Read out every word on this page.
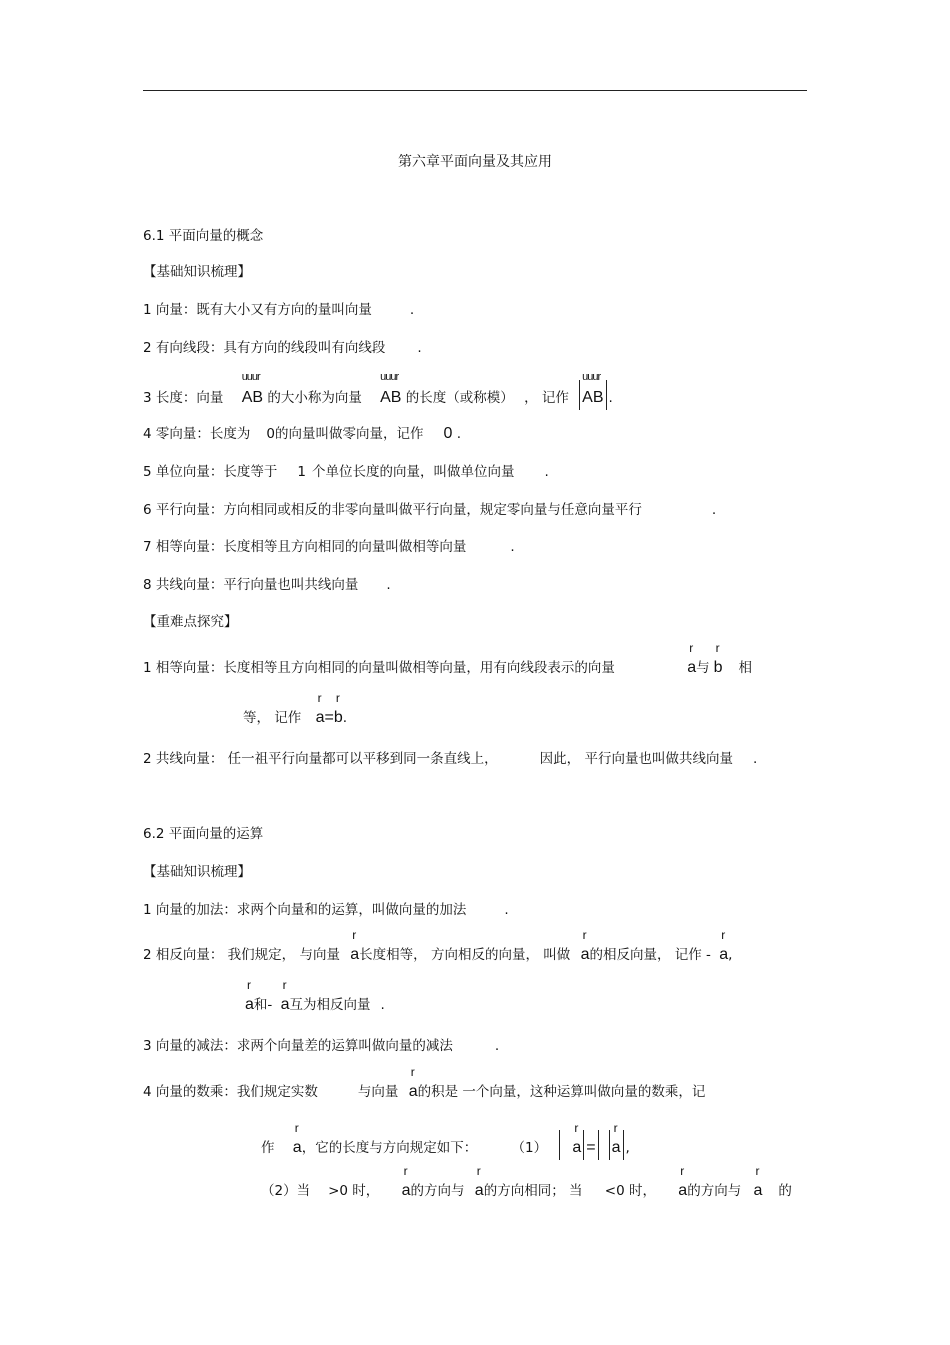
第六章平面向量及其应用
6.1 平面向量的概念
【基础知识梳理】
1 向量：既有大小又有方向的量叫向量	.
2 有向线段：具有方向的线段叫有向线段 .
3 长度：向量
uuur
AB 的大小称为向量
uuur
AB 的长度（或称模） ， 记作
uuur
AB .
4 零向量：长度为 0的向量叫做零向量，记作 0 .
5 单位向量：长度等于 1 个单位长度的向量，叫做单位向量 .
6 平行向量：方向相同或相反的非零向量叫做平行向量，规定零向量与任意向量平行	.
7 相等向量：长度相等且方向相同的向量叫做相等向量	.
8 共线向量：平行向量也叫共线向量 .
【重难点探究】
1 相等向量：长度相等且方向相同的向量叫做相等向量，用有向线段表示的向量
r
a与
r
b 相
等， 记作
r
a=
r
b.
2 共线向量： 任一祖平行向量都可以平移到同一条直线上，	因此， 平行向量也叫做共线向量 .
6.2 平面向量的运算
【基础知识梳理】
1 向量的加法：求两个向量和的运算，叫做向量的加法	.
2 相反向量： 我们规定， 与向量
r
a长度相等， 方向相反的向量， 叫做
r
a的相反向量， 记作 -
r
a,
r
a和-
r
a互为相反向量 .
3 向量的减法：求两个向量差的运算叫做向量的减法	.
4 向量的数乘：我们规定实数	与向量
r
a的积是 一个向量，这种运算叫做向量的数乘，记
作
r
a，它的长度与方向规定如下：	（1）
r
a =
r
a ,
（2）当 >0 时，
r
a的方向与
r
a的方向相同； 当 <0 时，
r
a的方向与
r
a 的
